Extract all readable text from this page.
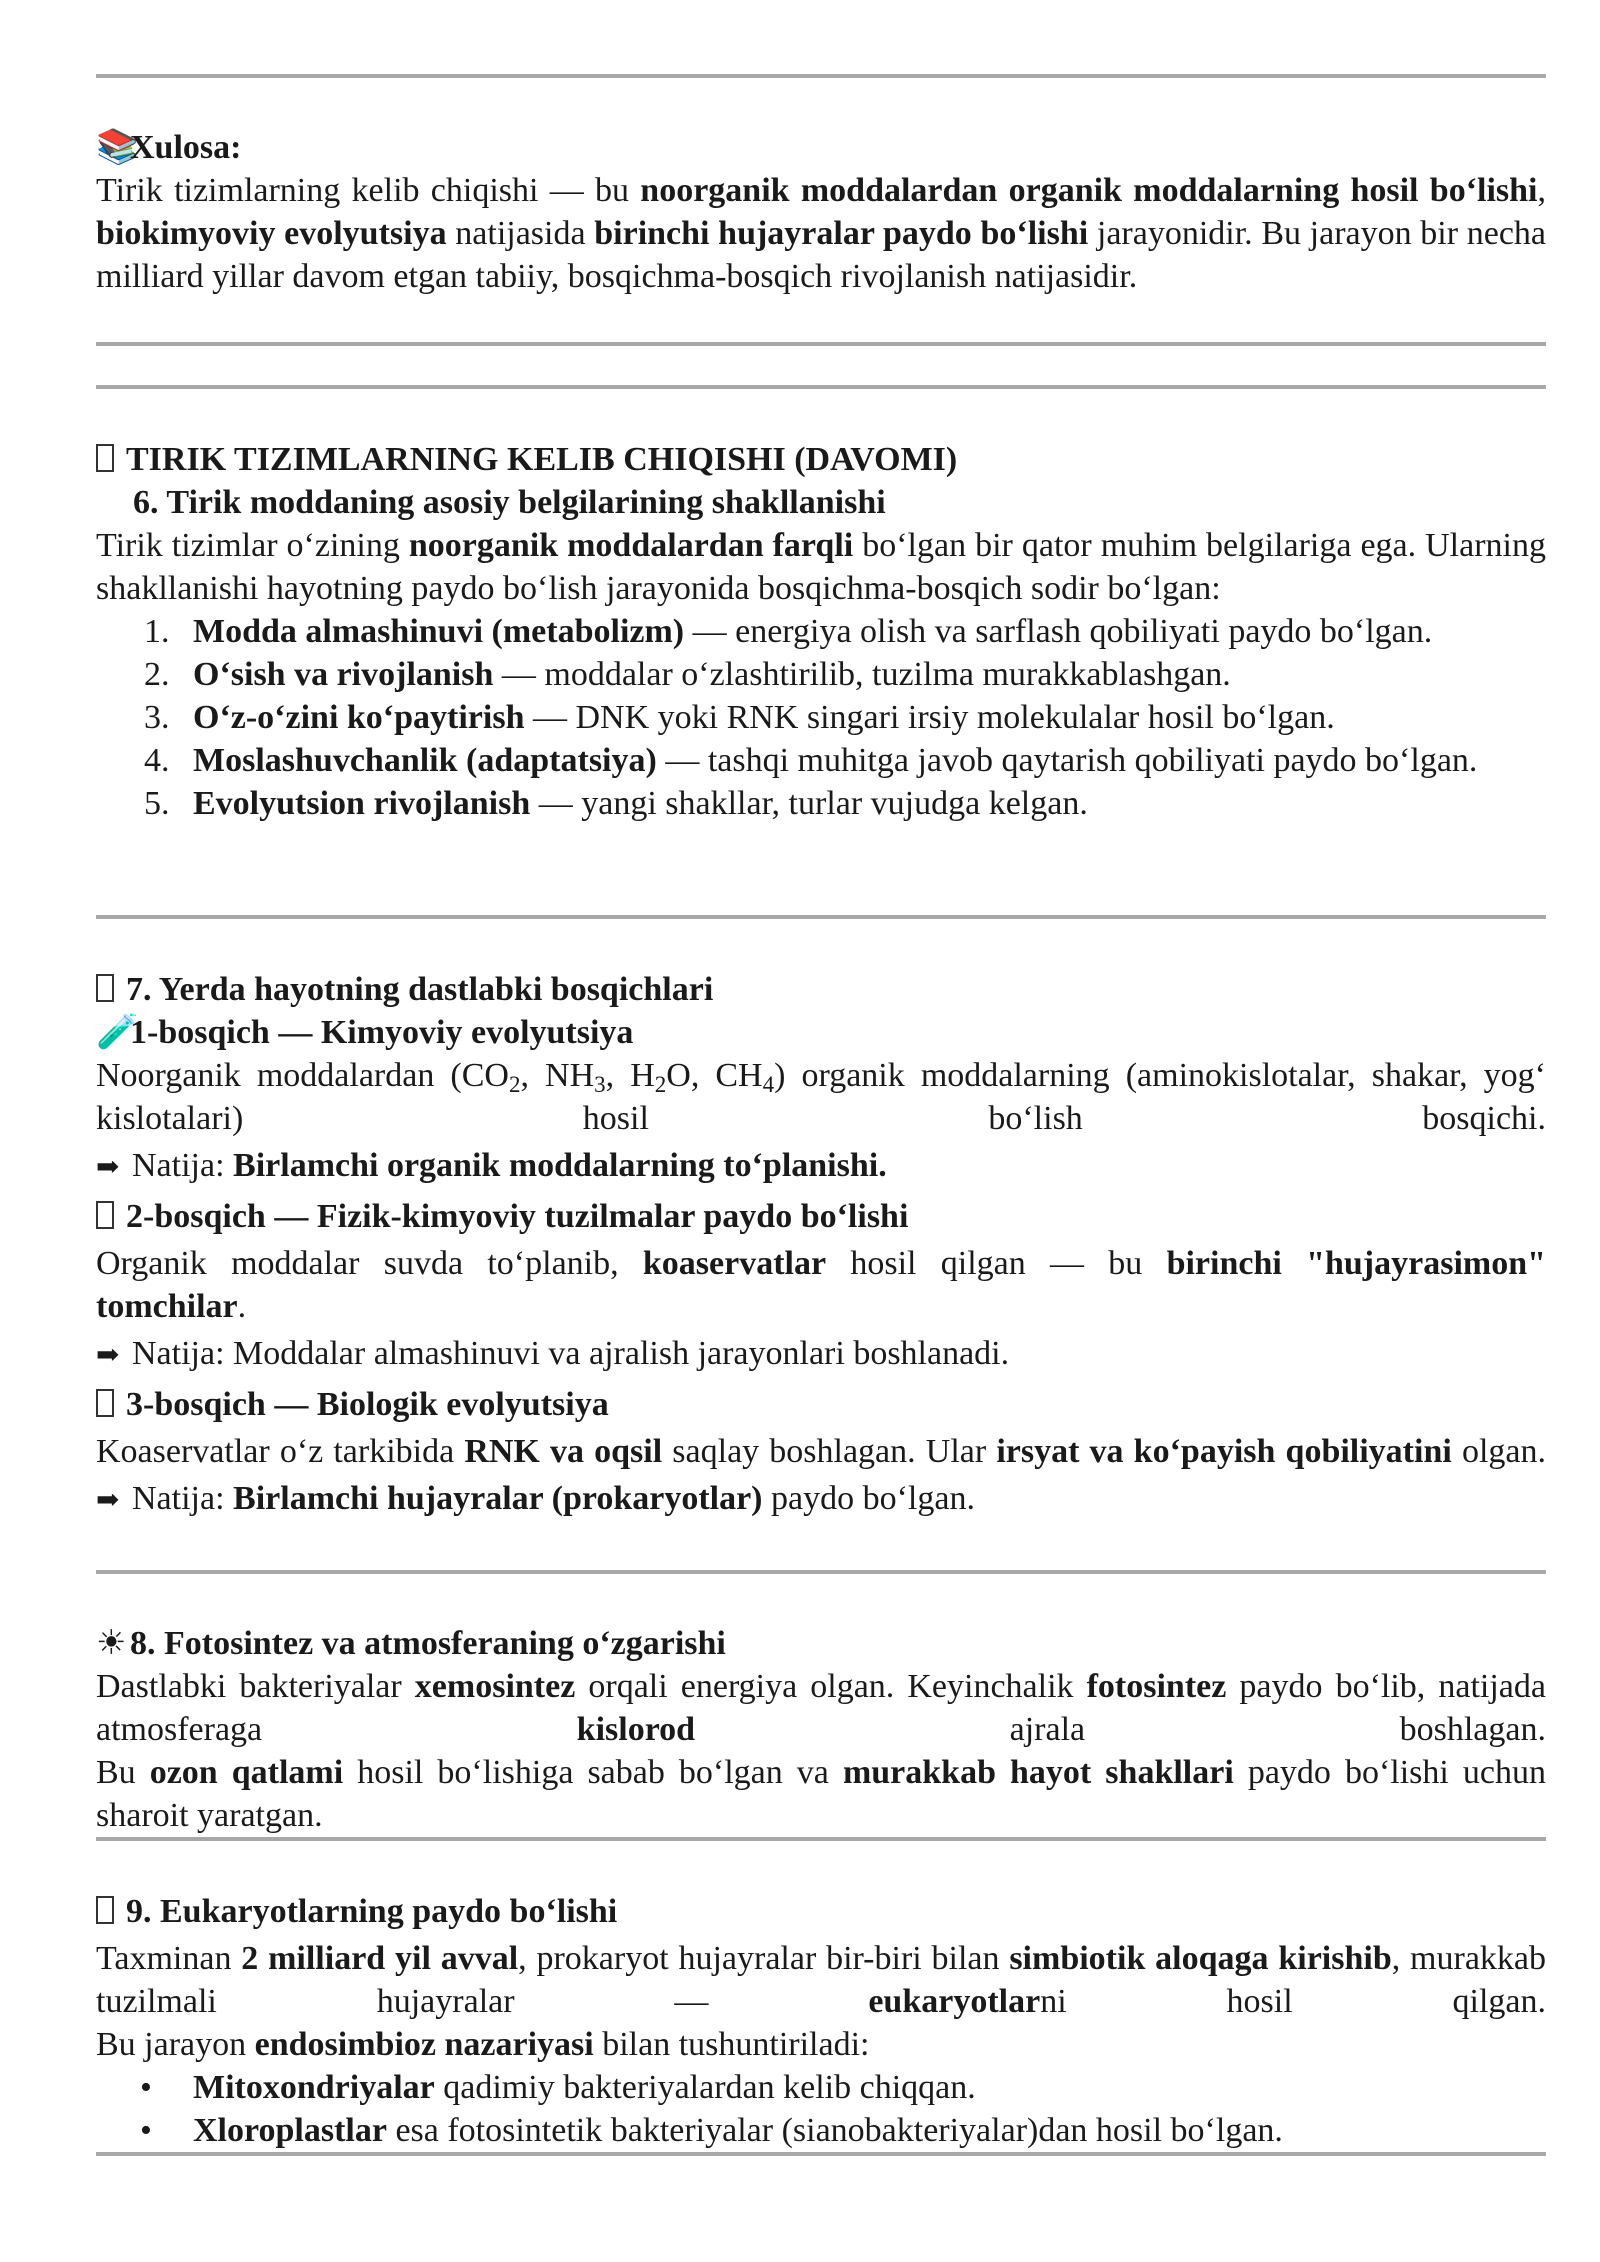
📚Xulosa:
Tirik tizimlarning kelib chiqishi — bu noorganik moddalardan organik moddalarning hosil bo‘lishi, biokimyoviy evolyutsiya natijasida birinchi hujayralar paydo bo‘lishi jarayonidir. Bu jarayon bir necha milliard yillar davom etgan tabiiy, bosqichma-bosqich rivojlanish natijasidir.
TIRIK TIZIMLARNING KELIB CHIQISHI (DAVOMI)
6. Tirik moddaning asosiy belgilarining shakllanishi
Tirik tizimlar o‘zining noorganik moddalardan farqli bo‘lgan bir qator muhim belgilariga ega. Ularning shakllanishi hayotning paydo bo‘lish jarayonida bosqichma-bosqich sodir bo‘lgan:
1. Modda almashinuvi (metabolizm) — energiya olish va sarflash qobiliyati paydo bo‘lgan.
2. O‘sish va rivojlanish — moddalar o‘zlashtirilib, tuzilma murakkablashgan.
3. O‘z-o‘zini ko‘paytirish — DNK yoki RNK singari irsiy molekulalar hosil bo‘lgan.
4. Moslashuvchanlik (adaptatsiya) — tashqi muhitga javob qaytarish qobiliyati paydo bo‘lgan.
5. Evolyutsion rivojlanish — yangi shakllar, turlar vujudga kelgan.
7. Yerda hayotning dastlabki bosqichlari
🧪1-bosqich — Kimyoviy evolyutsiya
Noorganik moddalardan ($CO_2$, $NH_3$, $H_2O$, $CH_4$) organik moddalarning (aminokislotalar, shakar, yog‘ kislotalari) hosil bo‘lish bosqichi.
➡ Natija: Birlamchi organik moddalarning to‘planishi.
2-bosqich — Fizik-kimyoviy tuzilmalar paydo bo‘lishi
Organik moddalar suvda to‘planib, koaservatlar hosil qilgan — bu birinchi "hujayrasimon" tomchilar.
➡ Natija: Moddalar almashinuvi va ajralish jarayonlari boshlanadi.
3-bosqich — Biologik evolyutsiya
Koaservatlar o‘z tarkibida RNK va oqsil saqlay boshlagan. Ular irsyat va ko‘payish qobiliyatini olgan.
➡ Natija: Birlamchi hujayralar (prokaryotlar) paydo bo‘lgan.
☀ 8. Fotosintez va atmosferaning o‘zgarishi
Dastlabki bakteriyalar xemosintez orqali energiya olgan. Keyinchalik fotosintez paydo bo‘lib, natijada atmosferaga kislorod ajrala boshlagan.
Bu ozon qatlami hosil bo‘lishiga sabab bo‘lgan va murakkab hayot shakllari paydo bo‘lishi uchun sharoit yaratgan.
9. Eukaryotlarning paydo bo‘lishi
Taxminan 2 milliard yil avval, prokaryot hujayralar bir-biri bilan simbiotik aloqaga kirishib, murakkab tuzilmali hujayralar — eukaryotlarni hosil qilgan.
Bu jarayon endosimbioz nazariyasi bilan tushuntiriladi:
• Mitoxondriyalar qadimiy bakteriyalardan kelib chiqqan.
• Xloroplastlar esa fotosintetik bakteriyalar (sianobakteriyalar)dan hosil bo‘lgan.
